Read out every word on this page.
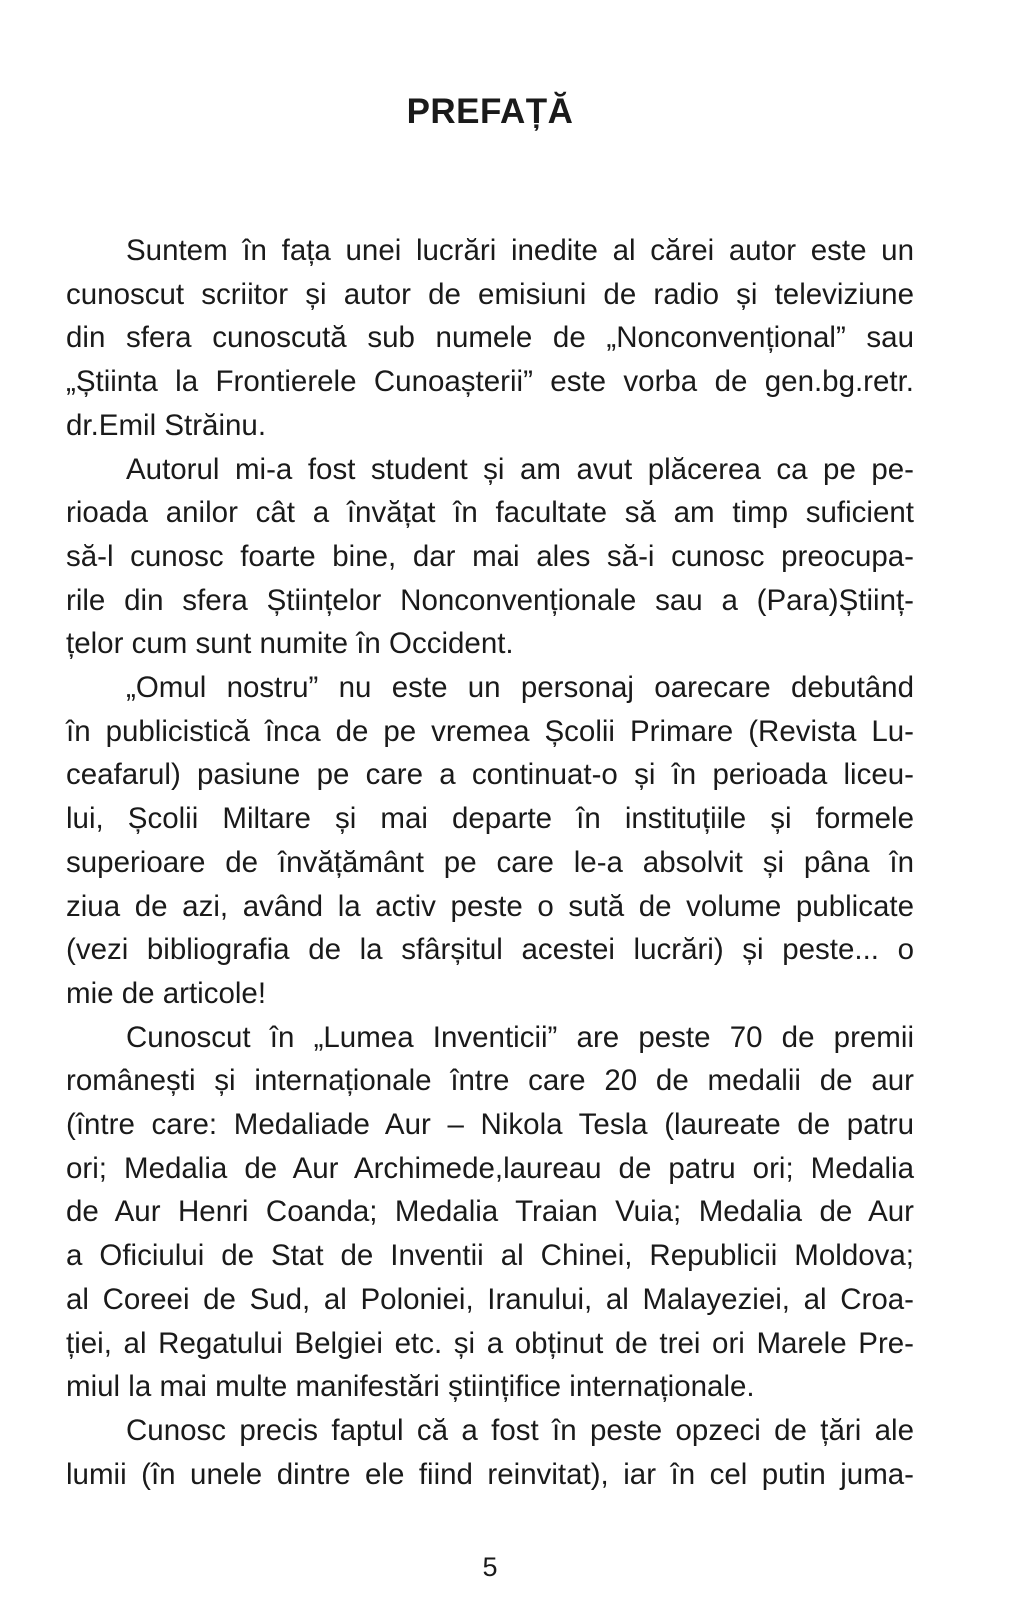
PREFAȚĂ
Suntem în fața unei lucrări inedite al cărei autor este un
cunoscut scriitor și autor de emisiuni de radio și televiziune
din sfera cunoscută sub numele de „Nonconvențional” sau
„Știinta la Frontierele Cunoașterii” este vorba de gen.bg.retr.
dr.Emil Străinu.
Autorul mi-a fost student și am avut plăcerea ca pe pe-
rioada anilor cât a învățat în facultate să am timp suficient
să-l cunosc foarte bine, dar mai ales să-i cunosc preocupa-
rile din sfera Științelor Nonconvenționale sau a (Para)Științ-
țelor cum sunt numite în Occident.
„Omul nostru” nu este un personaj oarecare debutând
în publicistică înca de pe vremea Școlii Primare (Revista Lu-
ceafarul) pasiune pe care a continuat-o și în perioada liceu-
lui, Școlii Miltare și mai departe în instituțiile și formele
superioare de învățământ pe care le-a absolvit și pâna în
ziua de azi, având la activ peste o sută de volume publicate
(vezi bibliografia de la sfârșitul acestei lucrări) și peste... o
mie de articole!
Cunoscut în „Lumea Inventicii” are peste 70 de premii
românești și internaționale între care 20 de medalii de aur
(între care: Medaliade Aur – Nikola Tesla (laureate de patru
ori; Medalia de Aur Archimede,laureau de patru ori; Medalia
de Aur Henri Coanda; Medalia Traian Vuia; Medalia de Aur
a Oficiului de Stat de Inventii al Chinei, Republicii Moldova;
al Coreei de Sud, al Poloniei, Iranului, al Malayeziei, al Croa-
ției, al Regatului Belgiei etc. și a obținut de trei ori Marele Pre-
miul la mai multe manifestări științifice internaționale.
Cunosc precis faptul că a fost în peste opzeci de țări ale
lumii (în unele dintre ele fiind reinvitat), iar în cel putin juma-
5
